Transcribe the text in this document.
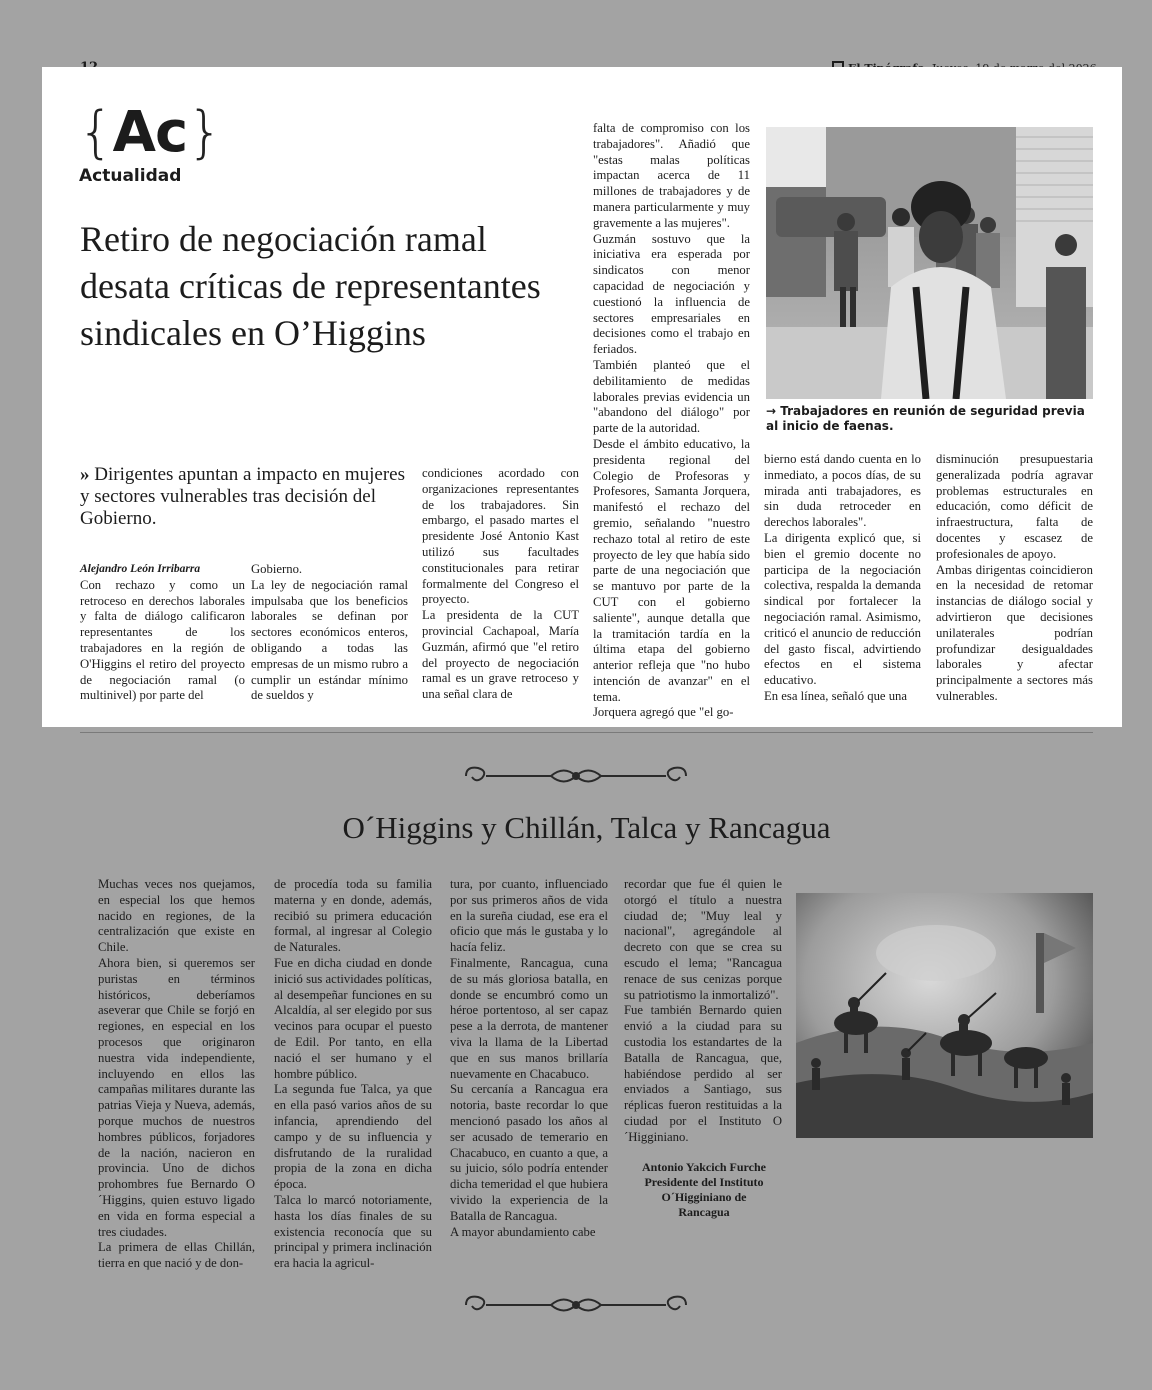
{Ac}
Actualidad
Retiro de negociación ramal desata críticas de representantes sindicales en O’Higgins
» Dirigentes apuntan a impacto en mujeres y sectores vulnerables tras decisión del Gobierno.
Alejandro León Irribarra

Con rechazo y como un retroceso en derechos laborales y falta de diálogo calificaron representantes de los trabajadores en la región de O'Higgins el retiro del proyecto de negociación ramal (o multinivel) por parte del

Gobierno.

La ley de negociación ramal impulsaba que los beneficios laborales se definan por sectores económicos enteros, obligando a todas las empresas de un mismo rubro a cumplir un estándar mínimo de sueldos y

condiciones acordado con organizaciones representantes de los trabajadores. Sin embargo, el pasado martes el presidente José Antonio Kast utilizó sus facultades constitucionales para retirar formalmente del Congreso el proyecto.

La presidenta de la CUT provincial Cachapoal, María Guzmán, afirmó que "el retiro del proyecto de negociación ramal es un grave retroceso y una señal clara de

falta de compromiso con los trabajadores". Añadió que "estas malas políticas impactan acerca de 11 millones de trabajadores y de manera particularmente y muy gravemente a las mujeres".

Guzmán sostuvo que la iniciativa era esperada por sindicatos con menor capacidad de negociación y cuestionó la influencia de sectores empresariales en decisiones como el trabajo en feriados.

También planteó que el debilitamiento de medidas laborales previas evidencia un "abandono del diálogo" por parte de la autoridad.

Desde el ámbito educativo, la presidenta regional del Colegio de Profesoras y Profesores, Samanta Jorquera, manifestó el rechazo del gremio, señalando "nuestro rechazo total al retiro de este proyecto de ley que había sido parte de una negociación que se mantuvo por parte de la CUT con el gobierno saliente", aunque detalla que la tramitación tardía en la última etapa del gobierno anterior refleja que "no hubo intención de avanzar" en el tema.

Jorquera agregó que "el go-

bierno está dando cuenta en lo inmediato, a pocos días, de su mirada anti trabajadores, es sin duda retroceder en derechos laborales".

La dirigenta explicó que, si bien el gremio docente no participa de la negociación colectiva, respalda la demanda sindical por fortalecer la negociación ramal. Asimismo, criticó el anuncio de reducción del gasto fiscal, advirtiendo efectos en el sistema educativo.

En esa línea, señaló que una

disminución presupuestaria generalizada podría agravar problemas estructurales en educación, como déficit de infraestructura, falta de docentes y escasez de profesionales de apoyo.

Ambas dirigentas coincidieron en la necesidad de retomar instancias de diálogo social y advirtieron que decisiones unilaterales podrían profundizar desigualdades laborales y afectar principalmente a sectores más vulnerables.

→ Trabajadores en reunión de seguridad previa al inicio de faenas.
O´Higgins y Chillán, Talca y Rancagua

Muchas veces nos quejamos, en especial los que hemos nacido en regiones, de la centralización que existe en Chile.

Ahora bien, si queremos ser puristas en términos históricos, deberíamos aseverar que Chile se forjó en regiones, en especial en los procesos que originaron nuestra vida independiente, incluyendo en ellos las campañas militares durante las patrias Vieja y Nueva, además, porque muchos de nuestros hombres públicos, forjadores de la nación, nacieron en provincia. Uno de dichos prohombres fue Bernardo O´Higgins, quien estuvo ligado en vida en forma especial a tres ciudades.

La primera de ellas Chillán, tierra en que nació y de don-

de procedía toda su familia materna y en donde, además, recibió su primera educación formal, al ingresar al Colegio de Naturales.

Fue en dicha ciudad en donde inició sus actividades políticas, al desempeñar funciones en su Alcaldía, al ser elegido por sus vecinos para ocupar el puesto de Edil. Por tanto, en ella nació el ser humano y el hombre público.

La segunda fue Talca, ya que en ella pasó varios años de su infancia, aprendiendo del campo y de su influencia y disfrutando de la ruralidad propia de la zona en dicha época.

Talca lo marcó notoriamente, hasta los días finales de su existencia reconocía que su principal y primera inclinación era hacia la agricul-

tura, por cuanto, influenciado por sus primeros años de vida en la sureña ciudad, ese era el oficio que más le gustaba y lo hacía feliz.

Finalmente, Rancagua, cuna de su más gloriosa batalla, en donde se encumbró como un héroe portentoso, al ser capaz pese a la derrota, de mantener viva la llama de la Libertad que en sus manos brillaría nuevamente en Chacabuco.

Su cercanía a Rancagua era notoria, baste recordar lo que mencionó pasado los años al ser acusado de temerario en Chacabuco, en cuanto a que, a su juicio, sólo podría entender dicha temeridad el que hubiera vivido la experiencia de la Batalla de Rancagua.

A mayor abundamiento cabe

recordar que fue él quien le otorgó el título a nuestra ciudad de; "Muy leal y nacional", agregándole al decreto con que se crea su escudo el lema; "Rancagua renace de sus cenizas porque su patriotismo la inmortalizó".

Fue también Bernardo quien envió a la ciudad para su custodia los estandartes de la Batalla de Rancagua, que, habiéndose perdido al ser enviados a Santiago, sus réplicas fueron restituidas a la ciudad por el Instituto O´Higginiano.

Antonio Yakcich Furche
Presidente del Instituto
O´Higginiano de
Rancagua
